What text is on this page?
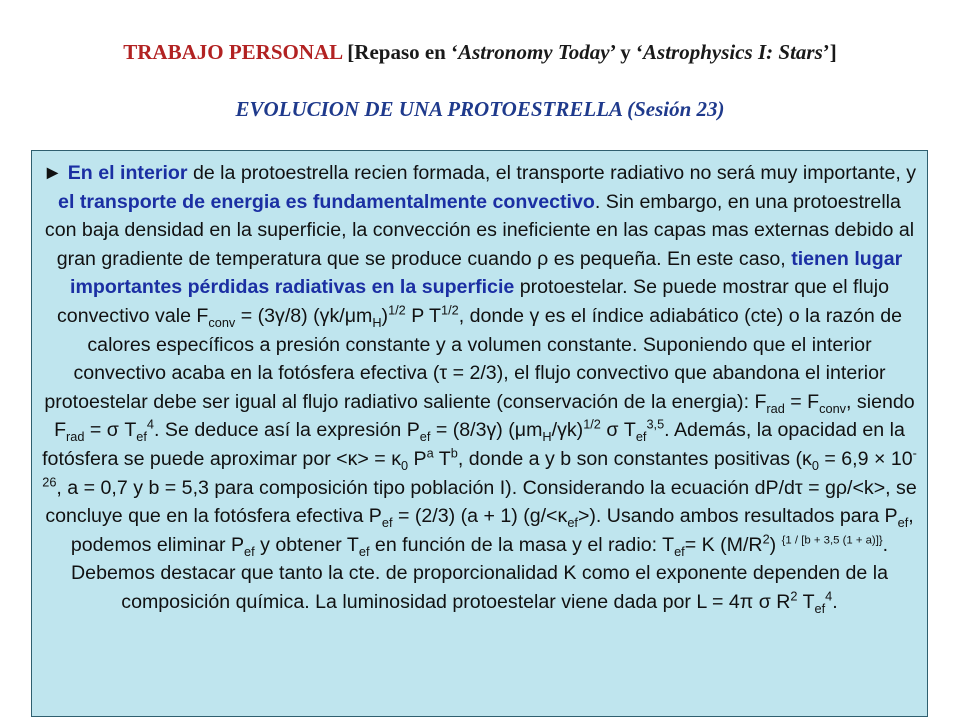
TRABAJO PERSONAL [Repaso en ‘Astronomy Today’ y ‘Astrophysics I: Stars’]
EVOLUCION DE UNA PROTOESTRELLA (Sesión 23)

► En el interior de la protoestrella recien formada, el transporte radiativo no será muy importante, y el transporte de energia es fundamentalmente convectivo. Sin embargo, en una protoestrella con baja densidad en la superficie, la convección es ineficiente en las capas mas externas debido al gran gradiente de temperatura que se produce cuando ρ es pequeña. En este caso, tienen lugar importantes pérdidas radiativas en la superficie protoestelar. Se puede mostrar que el flujo convectivo vale $F_{conv} = (3\gamma/8)$ $(\gamma k/\mu m_H)^{1/2}$ P $T^{1/2}$, donde γ es el índice adiabático (cte) o la razón de calores específicos a presión constante y a volumen constante. Suponiendo que el interior convectivo acaba en la fotósfera efectiva (τ = 2/3), el flujo convectivo que abandona el interior protoestelar debe ser igual al flujo radiativo saliente (conservación de la energia): $F_{rad} = F_{conv}$, siendo $F_{rad} = \sigma$ $T_{ef}^4$. Se deduce así la expresión $P_{ef} = (8/3\gamma)$ $(\mu m_H/\gamma k)^{1/2}$ σ $T_{ef}^{3,5}$. Además, la opacidad en la fotósfera se puede aproximar por $<\kappa> = \kappa_0$ $P^a$ $T^b$, donde a y b son constantes positivas ($\kappa_0 = 6,9 \times 10^{-26}$, a = 0,7 y b = 5,3 para composición tipo población I). Considerando la ecuación dP/dτ = gρ/<k>, se concluye que en la fotósfera efectiva $P_{ef} = (2/3) (a + 1)$ $(g/<\kappa_{ef}>)$. Usando ambos resultados para $P_{ef}$, podemos eliminar $P_{ef}$ y obtener $T_{ef}$ en función de la masa y el radio: $T_{ef}= K$ $(M/R^2)$ $^{\{1 / [b + 3,5 (1 + a)]\}}$. Debemos destacar que tanto la cte. de proporcionalidad K como el exponente dependen de la composición química. La luminosidad protoestelar viene dada por L = 4π σ $R^2$ $T_{ef}^4$.
